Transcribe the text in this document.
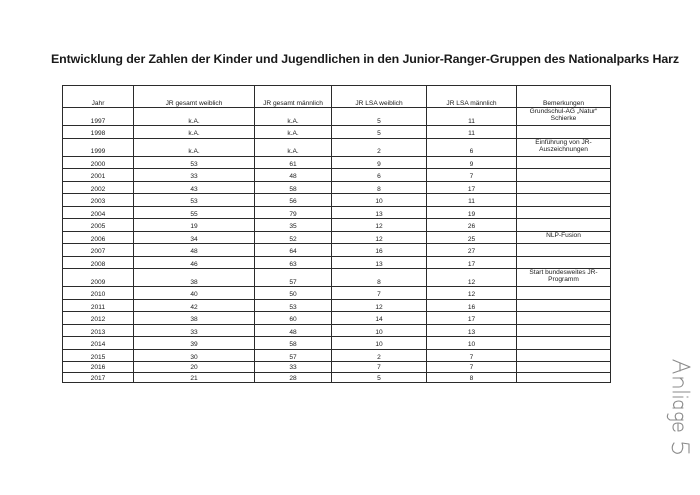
Entwicklung der Zahlen der Kinder und Jugendlichen in den Junior-Ranger-Gruppen des Nationalparks Harz
Jahr	JR gesamt weiblich	JR gesamt männlich	JR LSA weiblich	JR LSA männlich	Bemerkungen
1997	k.A.	k.A.	5	11	Grundschul-AG „Natur“ Schierke
1998	k.A.	k.A.	5	11	
1999	k.A.	k.A.	2	6	Einführung von JR-Auszeichnungen
2000	53	61	9	9	
2001	33	48	6	7	
2002	43	58	8	17	
2003	53	56	10	11	
2004	55	79	13	19	
2005	19	35	12	26	
2006	34	52	12	25	NLP-Fusion
2007	48	64	16	27	
2008	46	63	13	17	
2009	38	57	8	12	Start bundesweites JR-Programm
2010	40	50	7	12	
2011	42	53	12	16	
2012	38	60	14	17	
2013	33	48	10	13	
2014	39	58	10	10	
2015	30	57	2	7	
2016	20	33	7	7	
2017	21	28	5	8	
Anlage 5
